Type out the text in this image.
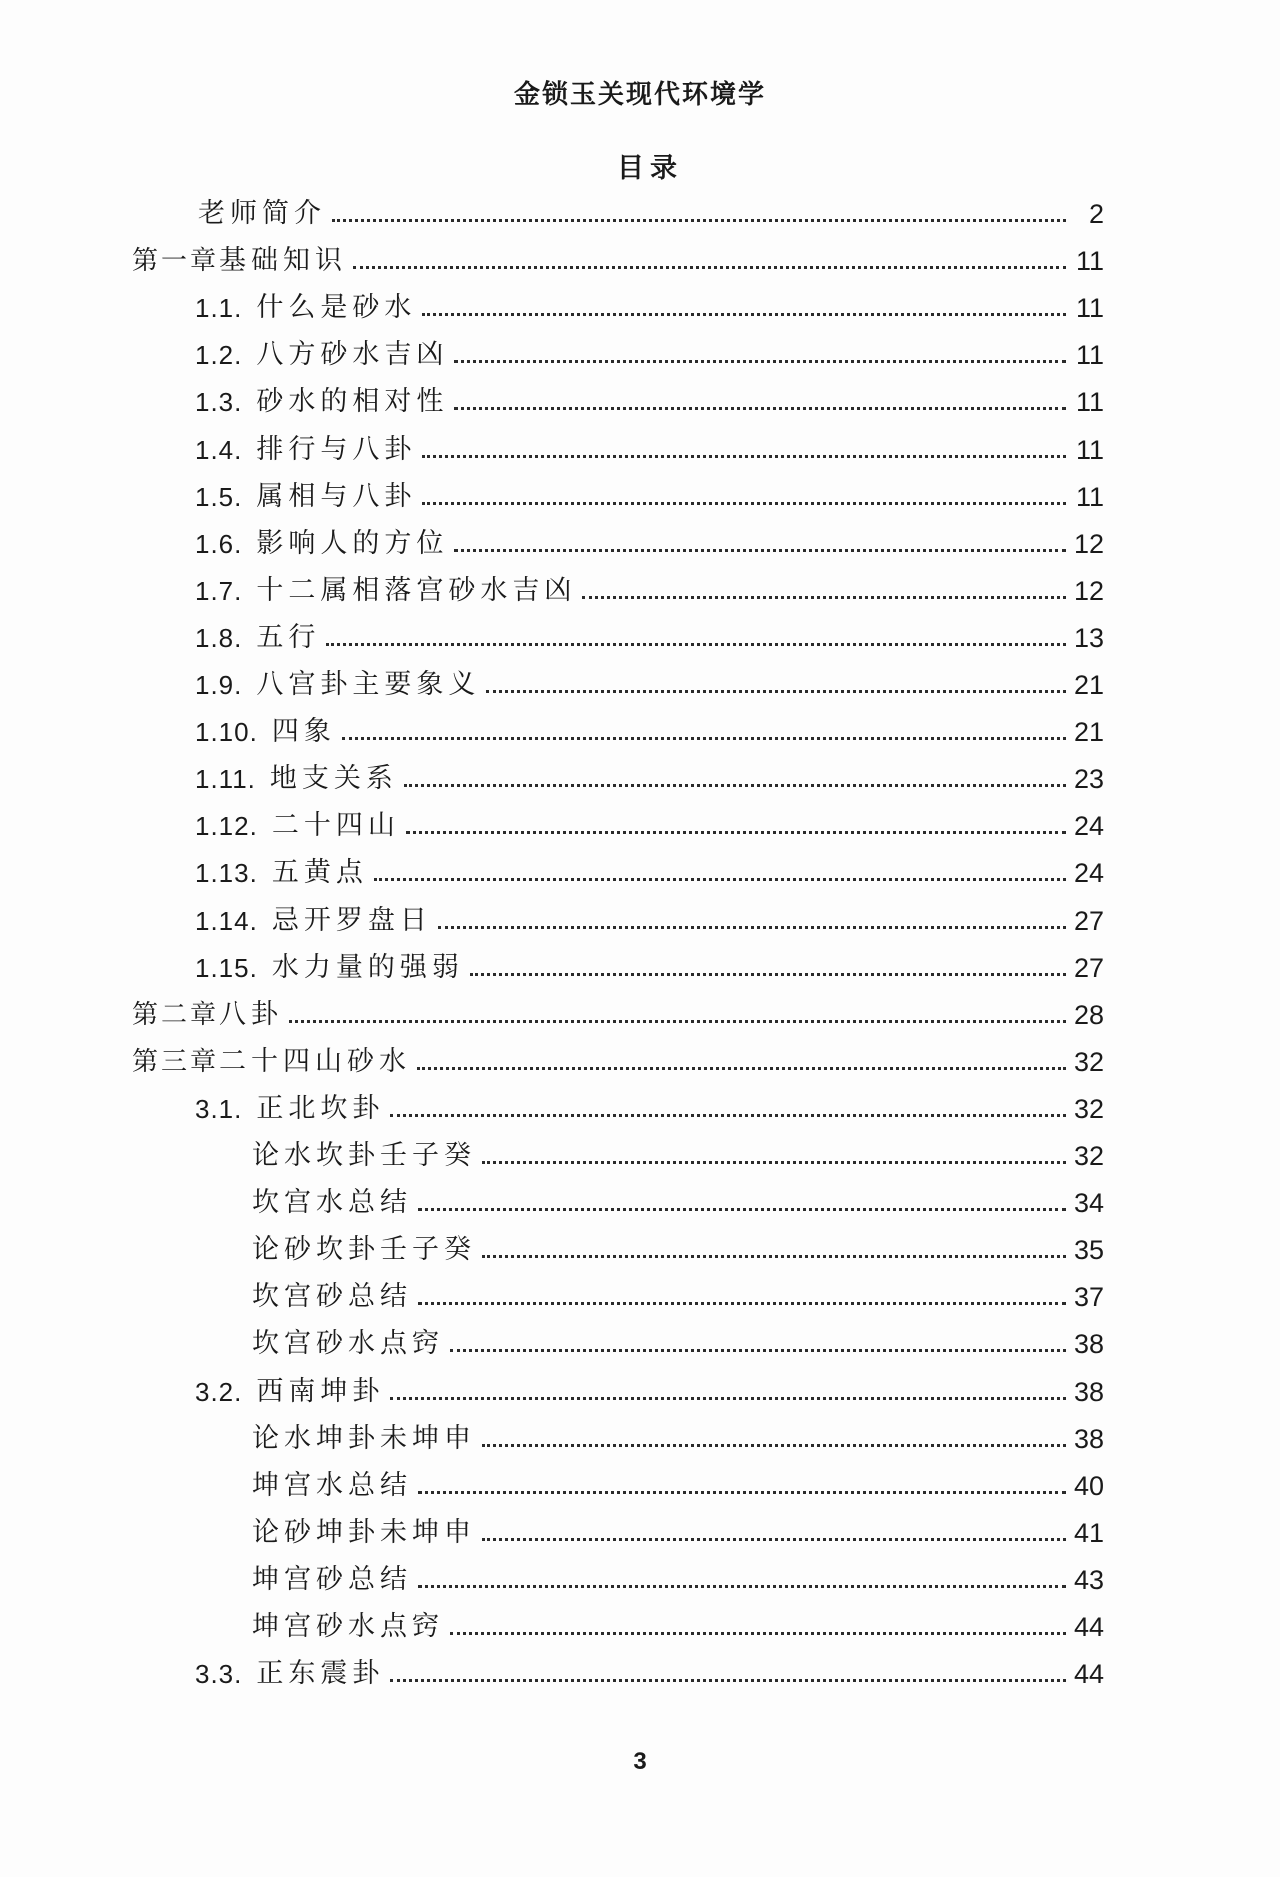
金锁玉关现代环境学
目录
老师简介	2
第一章 基础知识	11
1.1. 什么是砂水	11
1.2. 八方砂水吉凶	11
1.3. 砂水的相对性	11
1.4. 排行与八卦	11
1.5. 属相与八卦	11
1.6. 影响人的方位	12
1.7. 十二属相落宫砂水吉凶	12
1.8. 五行	13
1.9. 八宫卦主要象义	21
1.10. 四象	21
1.11. 地支关系	23
1.12. 二十四山	24
1.13. 五黄点	24
1.14. 忌开罗盘日	27
1.15. 水力量的强弱	27
第二章 八卦	28
第三章 二十四山砂水	32
3.1. 正北坎卦	32
论水坎卦壬子癸	32
坎宫水总结	34
论砂坎卦壬子癸	35
坎宫砂总结	37
坎宫砂水点窍	38
3.2. 西南坤卦	38
论水坤卦未坤申	38
坤宫水总结	40
论砂坤卦未坤申	41
坤宫砂总结	43
坤宫砂水点窍	44
3.3. 正东震卦	44
3
